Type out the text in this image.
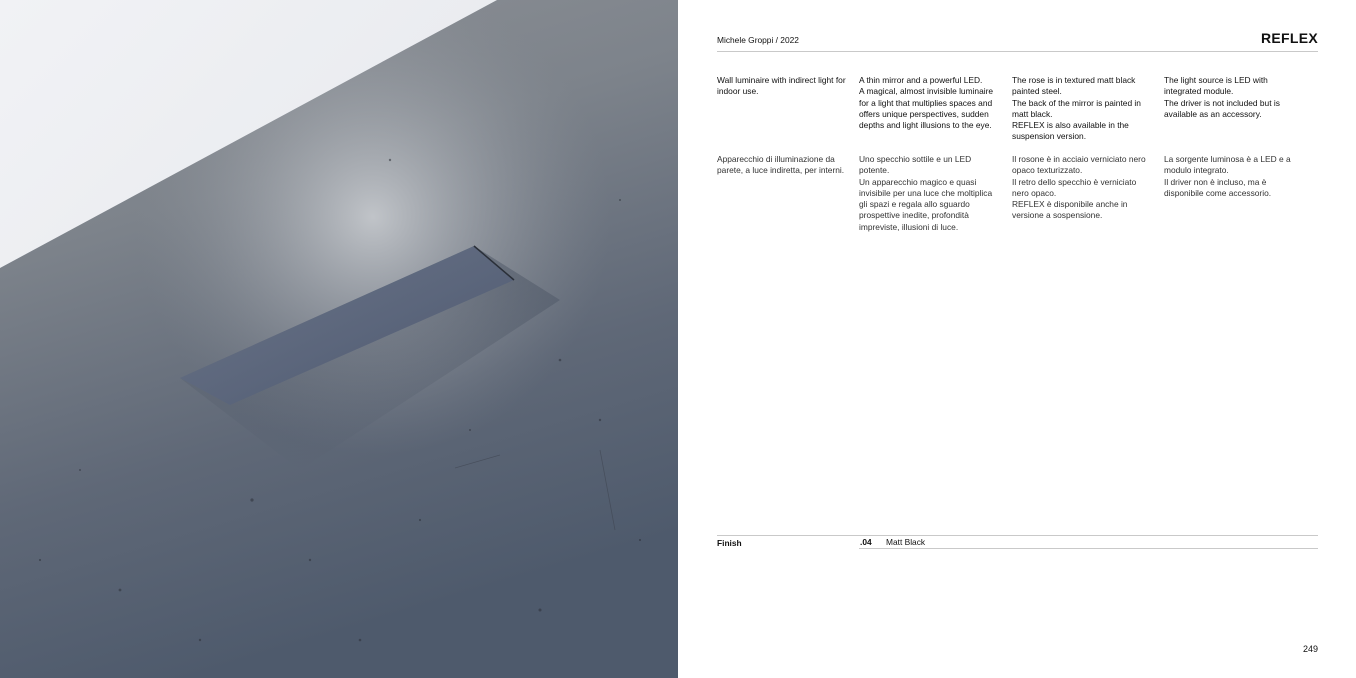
Michele Groppi / 2022	REFLEX

Wall luminaire with indirect light for indoor use.

A thin mirror and a powerful LED.

A magical, almost invisible luminaire for a light that multiplies spaces and offers unique perspectives, sudden depths and light illusions to the eye.

The rose is in textured matt black painted steel.

The back of the mirror is painted in matt black.

REFLEX is also available in the suspension version.

The light source is LED with integrated module.

The driver is not included but is available as an accessory.

Apparecchio di illuminazione da parete, a luce indiretta, per interni.

Uno specchio sottile e un LED potente.

Un apparecchio magico e quasi invisibile per una luce che moltiplica gli spazi e regala allo sguardo prospettive inedite, profondità impreviste, illusioni di luce.

Il rosone è in acciaio verniciato nero opaco texturizzato.

Il retro dello specchio è verniciato nero opaco.

REFLEX è disponibile anche in versione a sospensione.

La sorgente luminosa è a LED e a modulo integrato.

Il driver non è incluso, ma è disponibile come accessorio.

Finish	.04 Matt Black
249
